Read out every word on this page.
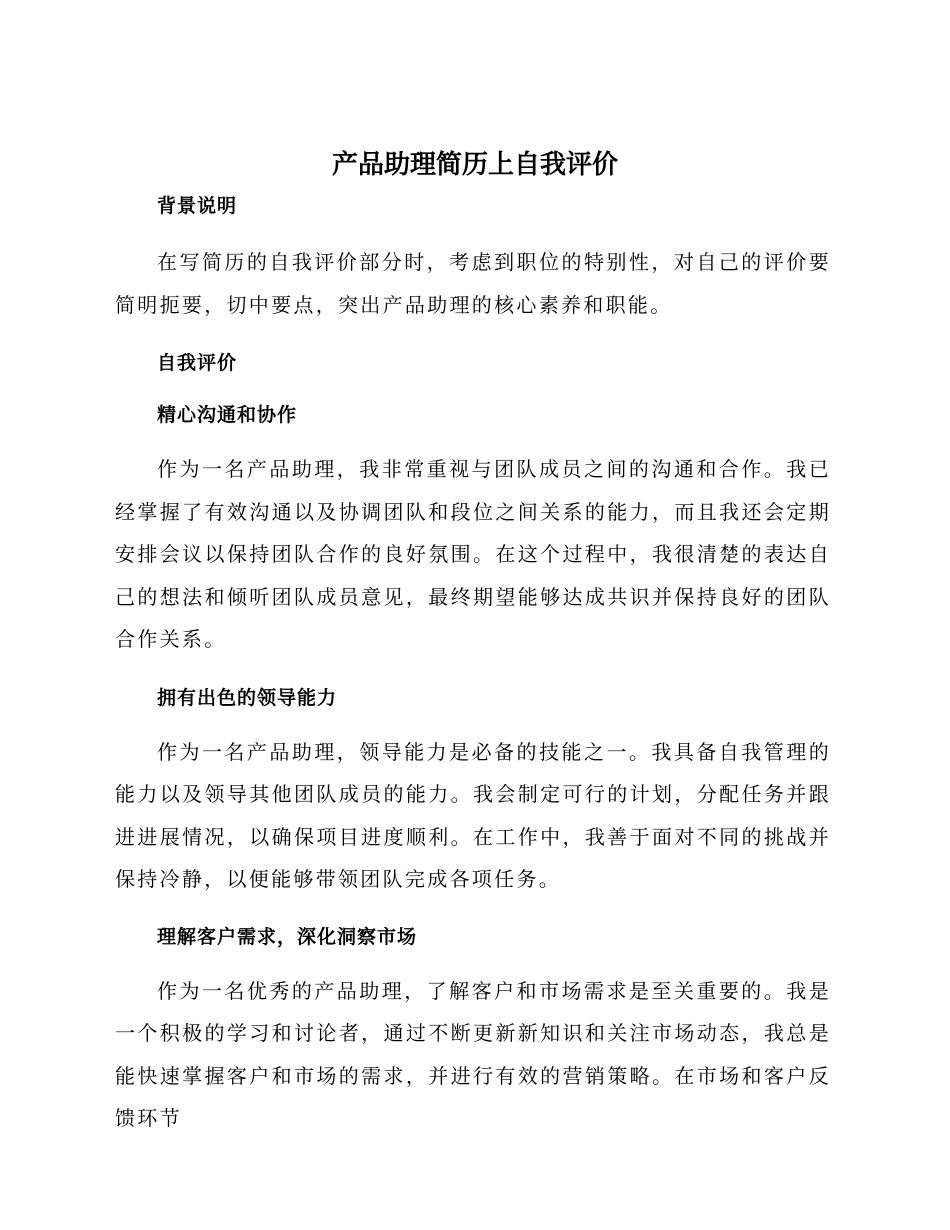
产品助理简历上自我评价

背景说明

在写简历的自我评价部分时，考虑到职位的特别性，对自己的评价要简明扼要，切中要点，突出产品助理的核心素养和职能。

自我评价

精心沟通和协作

作为一名产品助理，我非常重视与团队成员之间的沟通和合作。我已经掌握了有效沟通以及协调团队和段位之间关系的能力，而且我还会定期安排会议以保持团队合作的良好氛围。在这个过程中，我很清楚的表达自己的想法和倾听团队成员意见，最终期望能够达成共识并保持良好的团队合作关系。

拥有出色的领导能力

作为一名产品助理，领导能力是必备的技能之一。我具备自我管理的能力以及领导其他团队成员的能力。我会制定可行的计划，分配任务并跟进进展情况，以确保项目进度顺利。在工作中，我善于面对不同的挑战并保持冷静，以便能够带领团队完成各项任务。

理解客户需求，深化洞察市场

作为一名优秀的产品助理，了解客户和市场需求是至关重要的。我是一个积极的学习和讨论者，通过不断更新新知识和关注市场动态，我总是能快速掌握客户和市场的需求，并进行有效的营销策略。在市场和客户反馈环节
